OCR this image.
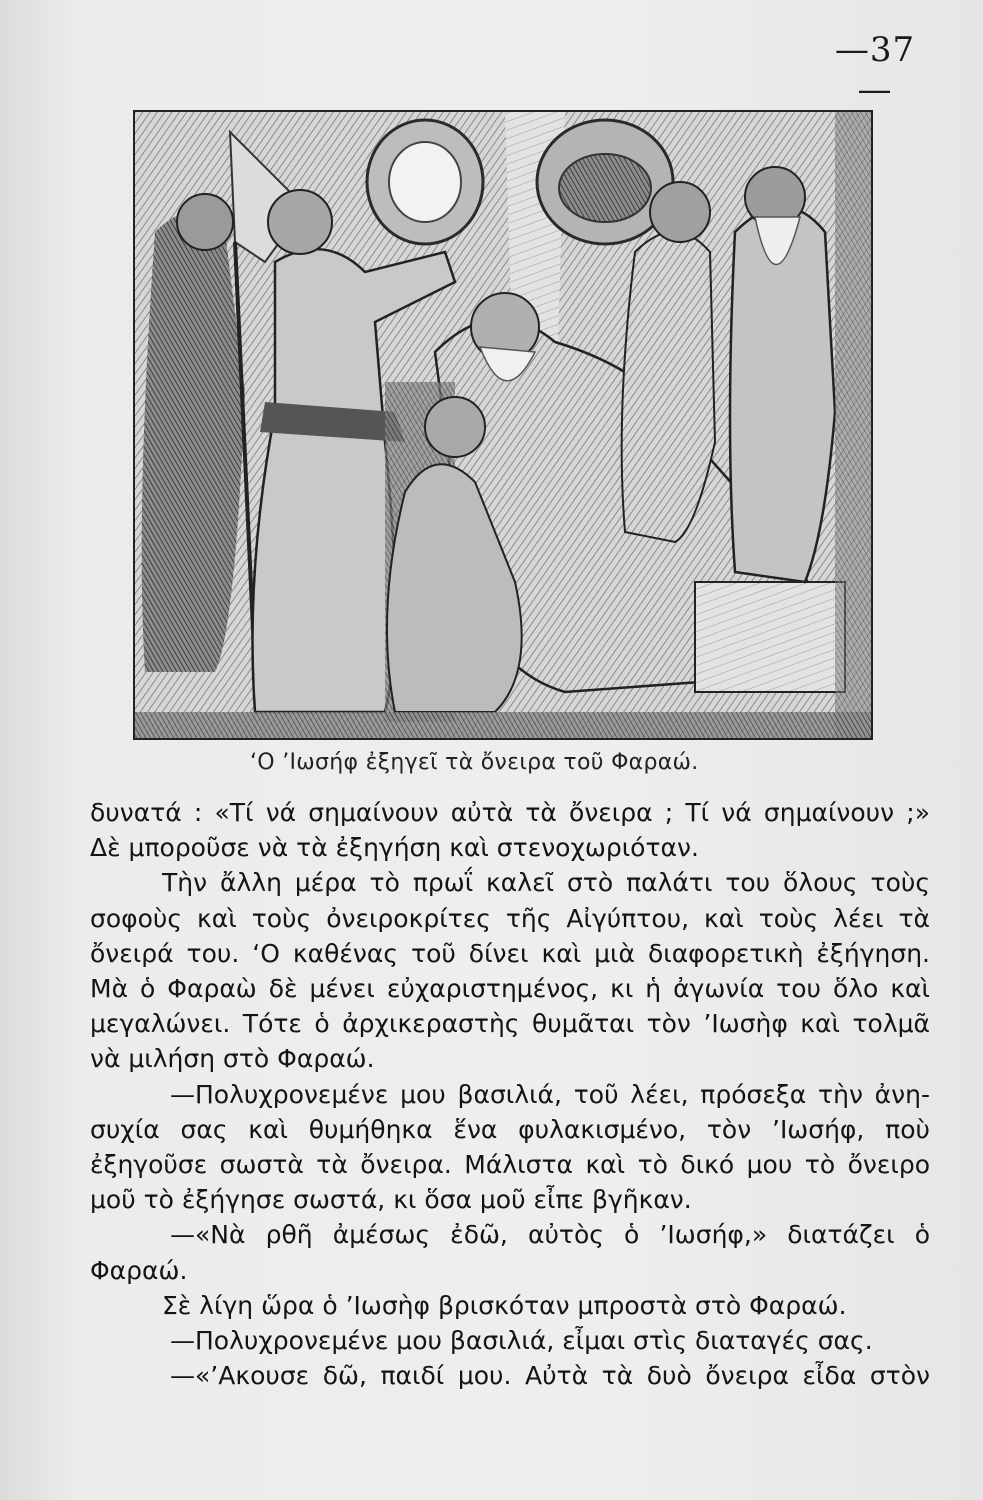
—37—
‘Ο ’Ιωσήφ ἐξηγεῖ τὰ ὄνειρα τοῦ Φαραώ.

δυνατά : «Τί νά σημαίνουν αὐτὰ τὰ ὄνειρα ; Τί νά σημαίνουν ;»

Δὲ μποροῦσε νὰ τὰ ἐξηγήση καὶ στενοχωριόταν.

Τὴν ἄλλη μέρα τὸ πρωΐ καλεῖ στὸ παλάτι του ὅλους τοὺς

σοφοὺς καὶ τοὺς ὀνειροκρίτες τῆς Αἰγύπτου, καὶ τοὺς λέει τὰ

ὄνειρά του. ‘Ο καθένας τοῦ δίνει καὶ μιὰ διαφορετικὴ ἐξήγηση.

Μὰ ὁ Φαραὼ δὲ μένει εὐχαριστημένος, κι ἡ ἀγωνία του ὅλο καὶ

μεγαλώνει. Τότε ὁ ἀρχικεραστὴς θυμᾶται τὸν ’Ιωσὴφ καὶ τολμᾶ

νὰ μιλήση στὸ Φαραώ.

—Πολυχρονεμένε μου βασιλιά, τοῦ λέει, πρόσεξα τὴν ἀνη-

συχία σας καὶ θυμήθηκα ἕνα φυλακισμένο, τὸν ’Ιωσήφ, ποὺ

ἐξηγοῦσε σωστὰ τὰ ὄνειρα. Μάλιστα καὶ τὸ δικό μου τὸ ὄνειρο

μοῦ τὸ ἐξήγησε σωστά, κι ὅσα μοῦ εἶπε βγῆκαν.

—«Νὰ ρθῆ ἀμέσως ἐδῶ, αὐτὸς ὁ ’Ιωσήφ,» διατάζει ὁ

Φαραώ.

Σὲ λίγη ὥρα ὁ ’Ιωσὴφ βρισκόταν μπροστὰ στὸ Φαραώ.

—Πολυχρονεμένε μου βασιλιά, εἶμαι στὶς διαταγές σας.

—«’Ακουσε δῶ, παιδί μου. Αὐτὰ τὰ δυὸ ὄνειρα εἶδα στὸν
